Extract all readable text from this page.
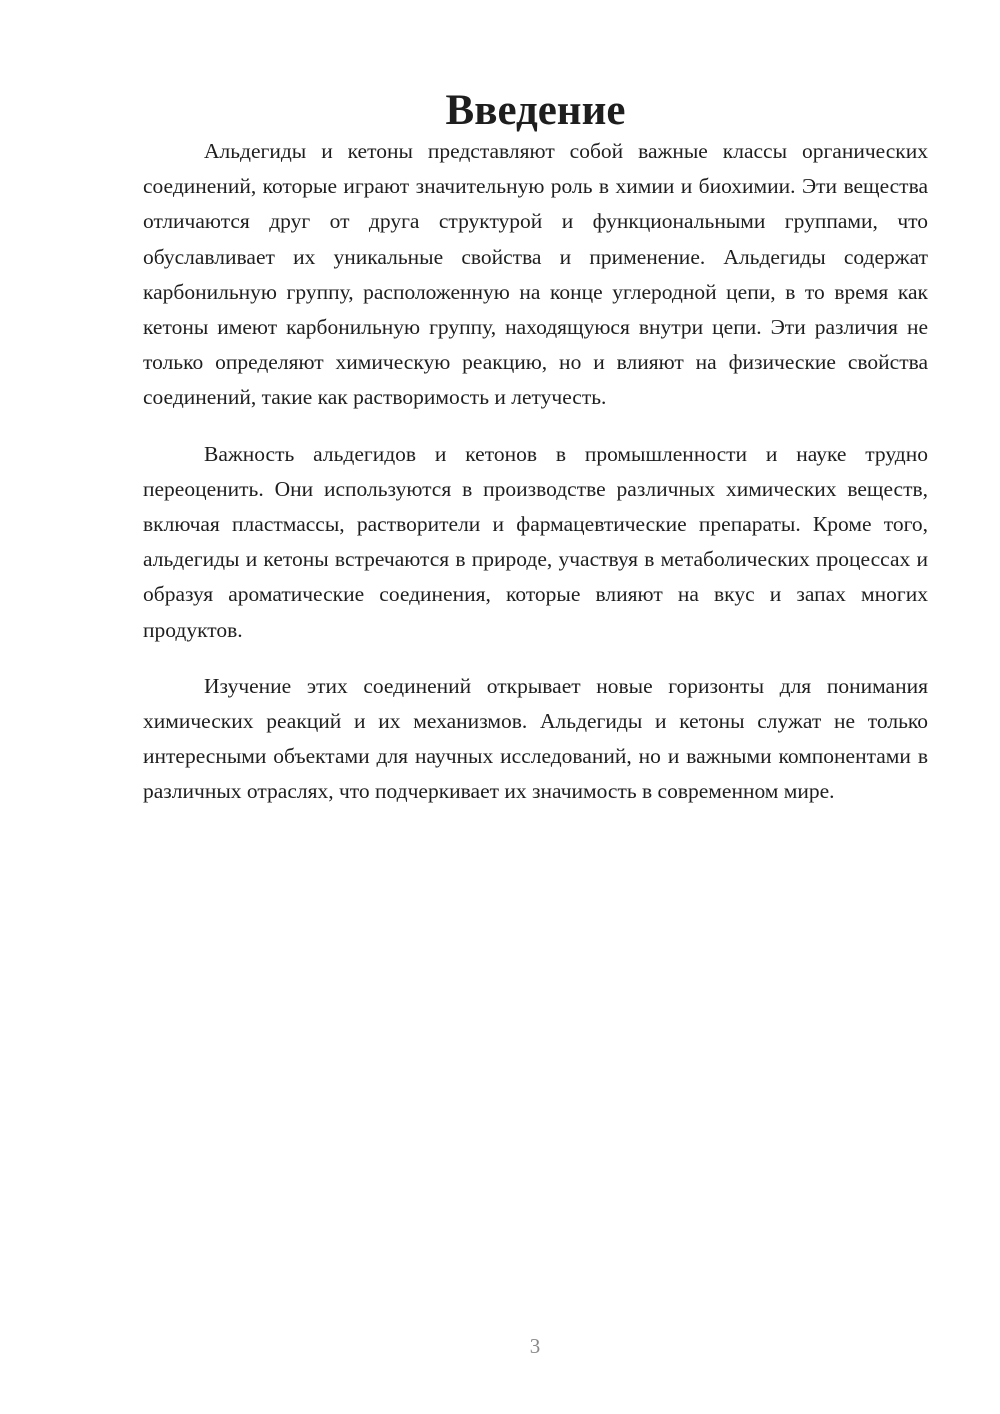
Введение

Альдегиды и кетоны представляют собой важные классы органических соединений, которые играют значительную роль в химии и биохимии. Эти вещества отличаются друг от друга структурой и функциональными группами, что обуславливает их уникальные свойства и применение. Альдегиды содержат карбонильную группу, расположенную на конце углеродной цепи, в то время как кетоны имеют карбонильную группу, находящуюся внутри цепи. Эти различия не только определяют химическую реакцию, но и влияют на физические свойства соединений, такие как растворимость и летучесть.

Важность альдегидов и кетонов в промышленности и науке трудно переоценить. Они используются в производстве различных химических веществ, включая пластмассы, растворители и фармацевтические препараты. Кроме того, альдегиды и кетоны встречаются в природе, участвуя в метаболических процессах и образуя ароматические соединения, которые влияют на вкус и запах многих продуктов.

Изучение этих соединений открывает новые горизонты для понимания химических реакций и их механизмов. Альдегиды и кетоны служат не только интересными объектами для научных исследований, но и важными компонентами в различных отраслях, что подчеркивает их значимость в современном мире.

3
